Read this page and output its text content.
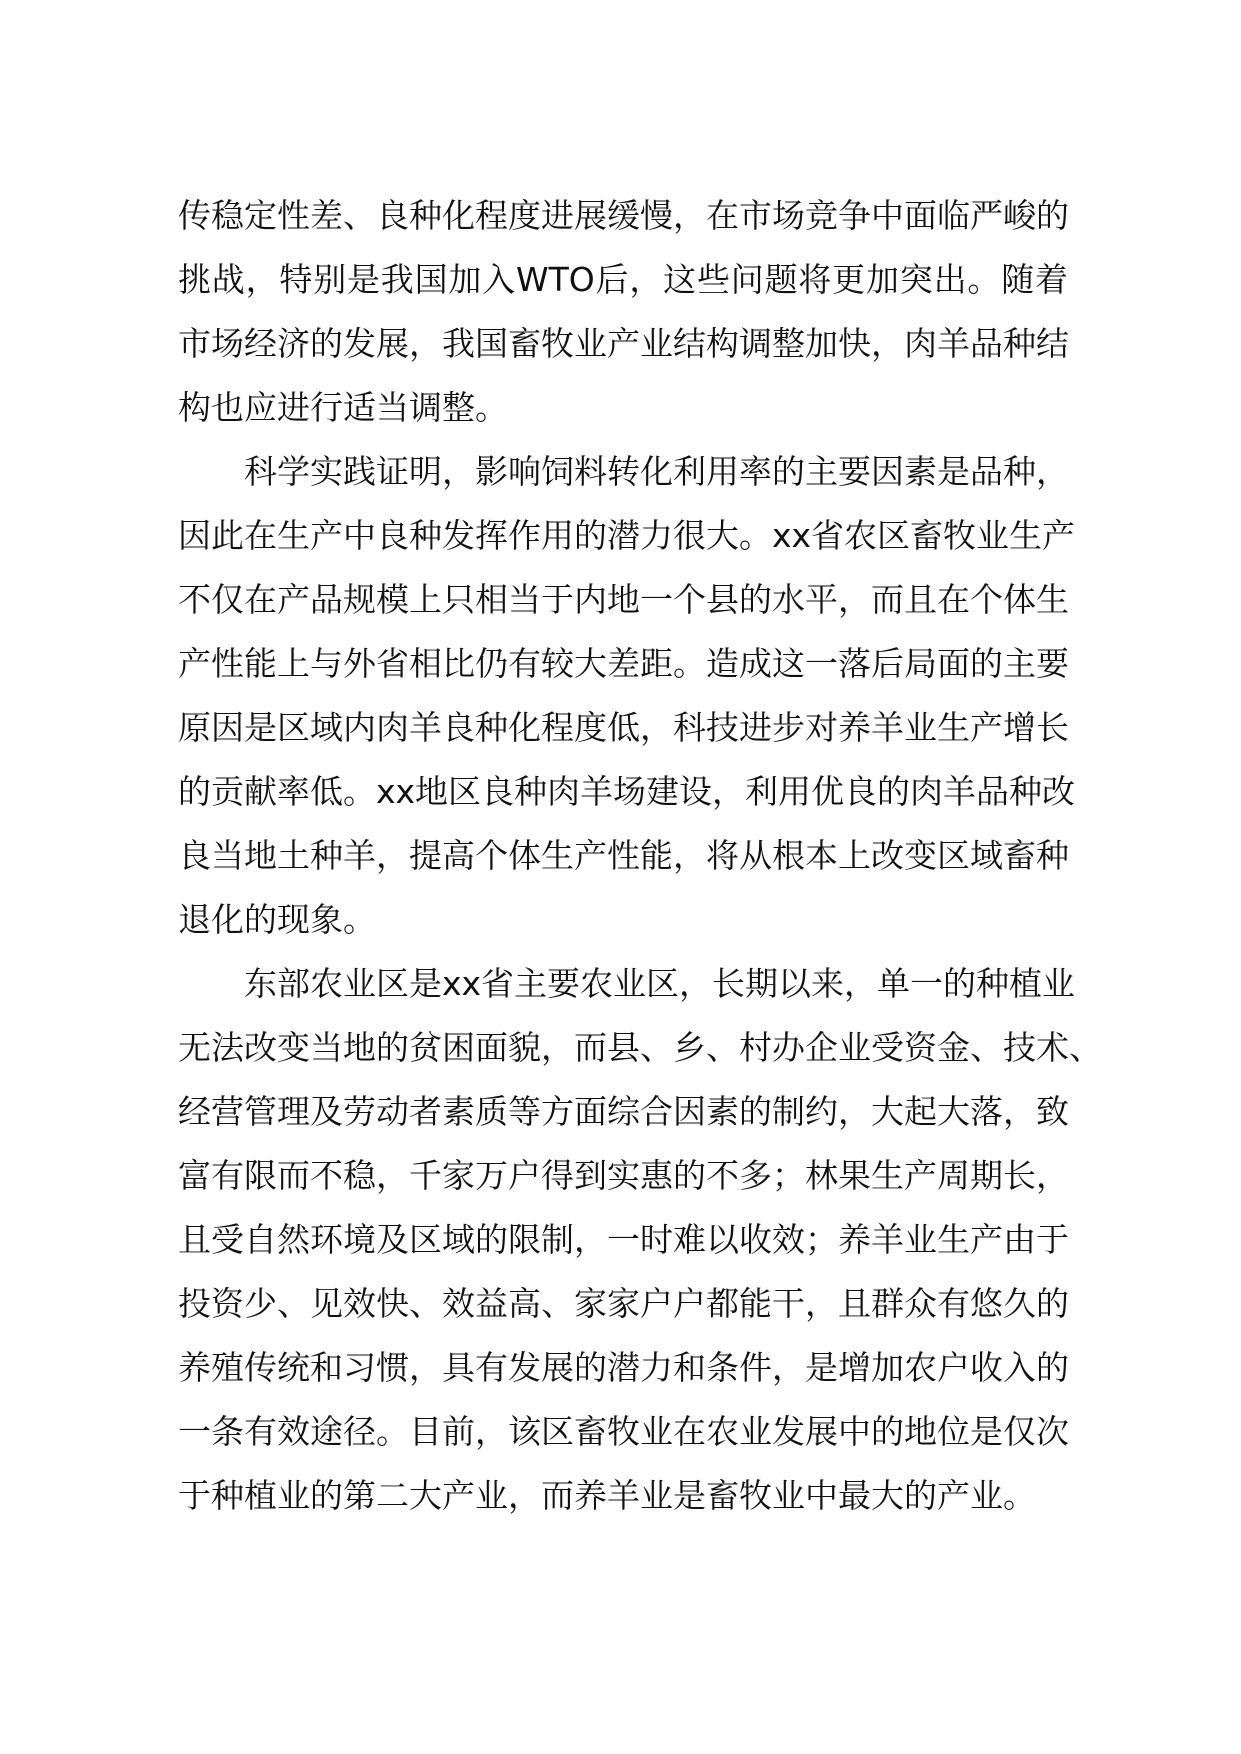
传稳定性差、良种化程度进展缓慢，在市场竞争中面临严峻的
挑战，特别是我国加入WTO后，这些问题将更加突出。随着
市场经济的发展，我国畜牧业产业结构调整加快，肉羊品种结
构也应进行适当调整。
科学实践证明，影响饲料转化利用率的主要因素是品种，
因此在生产中良种发挥作用的潜力很大。xx省农区畜牧业生产
不仅在产品规模上只相当于内地一个县的水平，而且在个体生
产性能上与外省相比仍有较大差距。造成这一落后局面的主要
原因是区域内肉羊良种化程度低，科技进步对养羊业生产增长
的贡献率低。xx地区良种肉羊场建设，利用优良的肉羊品种改
良当地土种羊，提高个体生产性能，将从根本上改变区域畜种
退化的现象。
东部农业区是xx省主要农业区，长期以来，单一的种植业
无法改变当地的贫困面貌，而县、乡、村办企业受资金、技术、
经营管理及劳动者素质等方面综合因素的制约，大起大落，致
富有限而不稳，千家万户得到实惠的不多；林果生产周期长，
且受自然环境及区域的限制，一时难以收效；养羊业生产由于
投资少、见效快、效益高、家家户户都能干，且群众有悠久的
养殖传统和习惯，具有发展的潜力和条件，是增加农户收入的
一条有效途径。目前，该区畜牧业在农业发展中的地位是仅次
于种植业的第二大产业，而养羊业是畜牧业中最大的产业。
